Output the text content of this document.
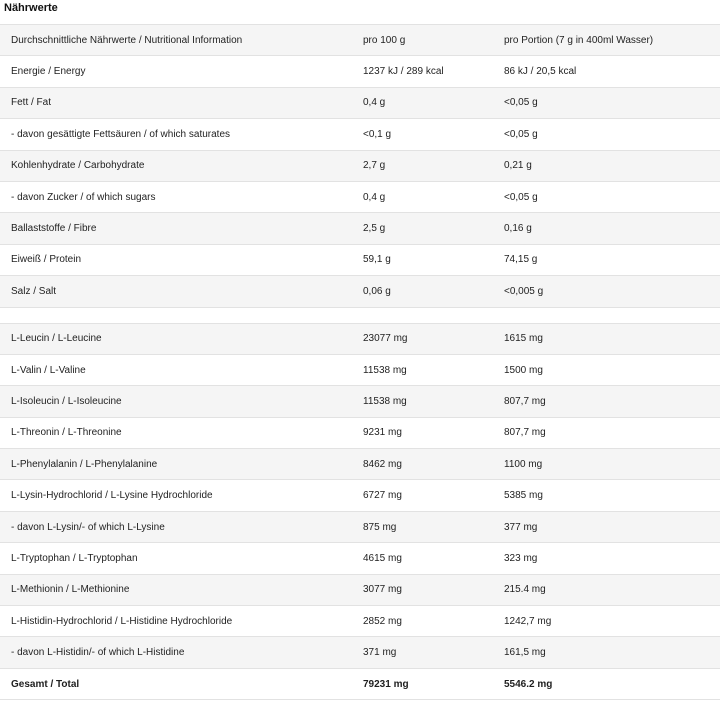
Nährwerte
Durchschnittliche Nährwerte / Nutritional Information	pro 100 g	pro Portion (7 g in 400ml Wasser)
Energie / Energy	1237 kJ / 289 kcal	86 kJ / 20,5 kcal
Fett / Fat	0,4 g	<0,05 g
- davon gesättigte Fettsäuren / of which saturates	<0,1 g	<0,05 g
Kohlenhydrate / Carbohydrate	2,7 g	0,21 g
- davon Zucker / of which sugars	0,4 g	<0,05 g
Ballaststoffe / Fibre	2,5 g	0,16 g
Eiweiß / Protein	59,1 g	74,15 g
Salz / Salt	0,06 g	<0,005 g
L-Leucin / L-Leucine	23077 mg	1615 mg
L-Valin / L-Valine	11538 mg	1500 mg
L-Isoleucin / L-Isoleucine	11538 mg	807,7 mg
L-Threonin / L-Threonine	9231 mg	807,7 mg
L-Phenylalanin / L-Phenylalanine	8462 mg	1100 mg
L-Lysin-Hydrochlorid / L-Lysine Hydrochloride	6727 mg	5385 mg
- davon L-Lysin/- of which L-Lysine	875 mg	377 mg
L-Tryptophan / L-Tryptophan	4615 mg	323 mg
L-Methionin / L-Methionine	3077 mg	215.4 mg
L-Histidin-Hydrochlorid / L-Histidine Hydrochloride	2852 mg	1242,7 mg
- davon L-Histidin/- of which L-Histidine	371 mg	161,5 mg
Gesamt / Total	79231 mg	5546.2 mg
